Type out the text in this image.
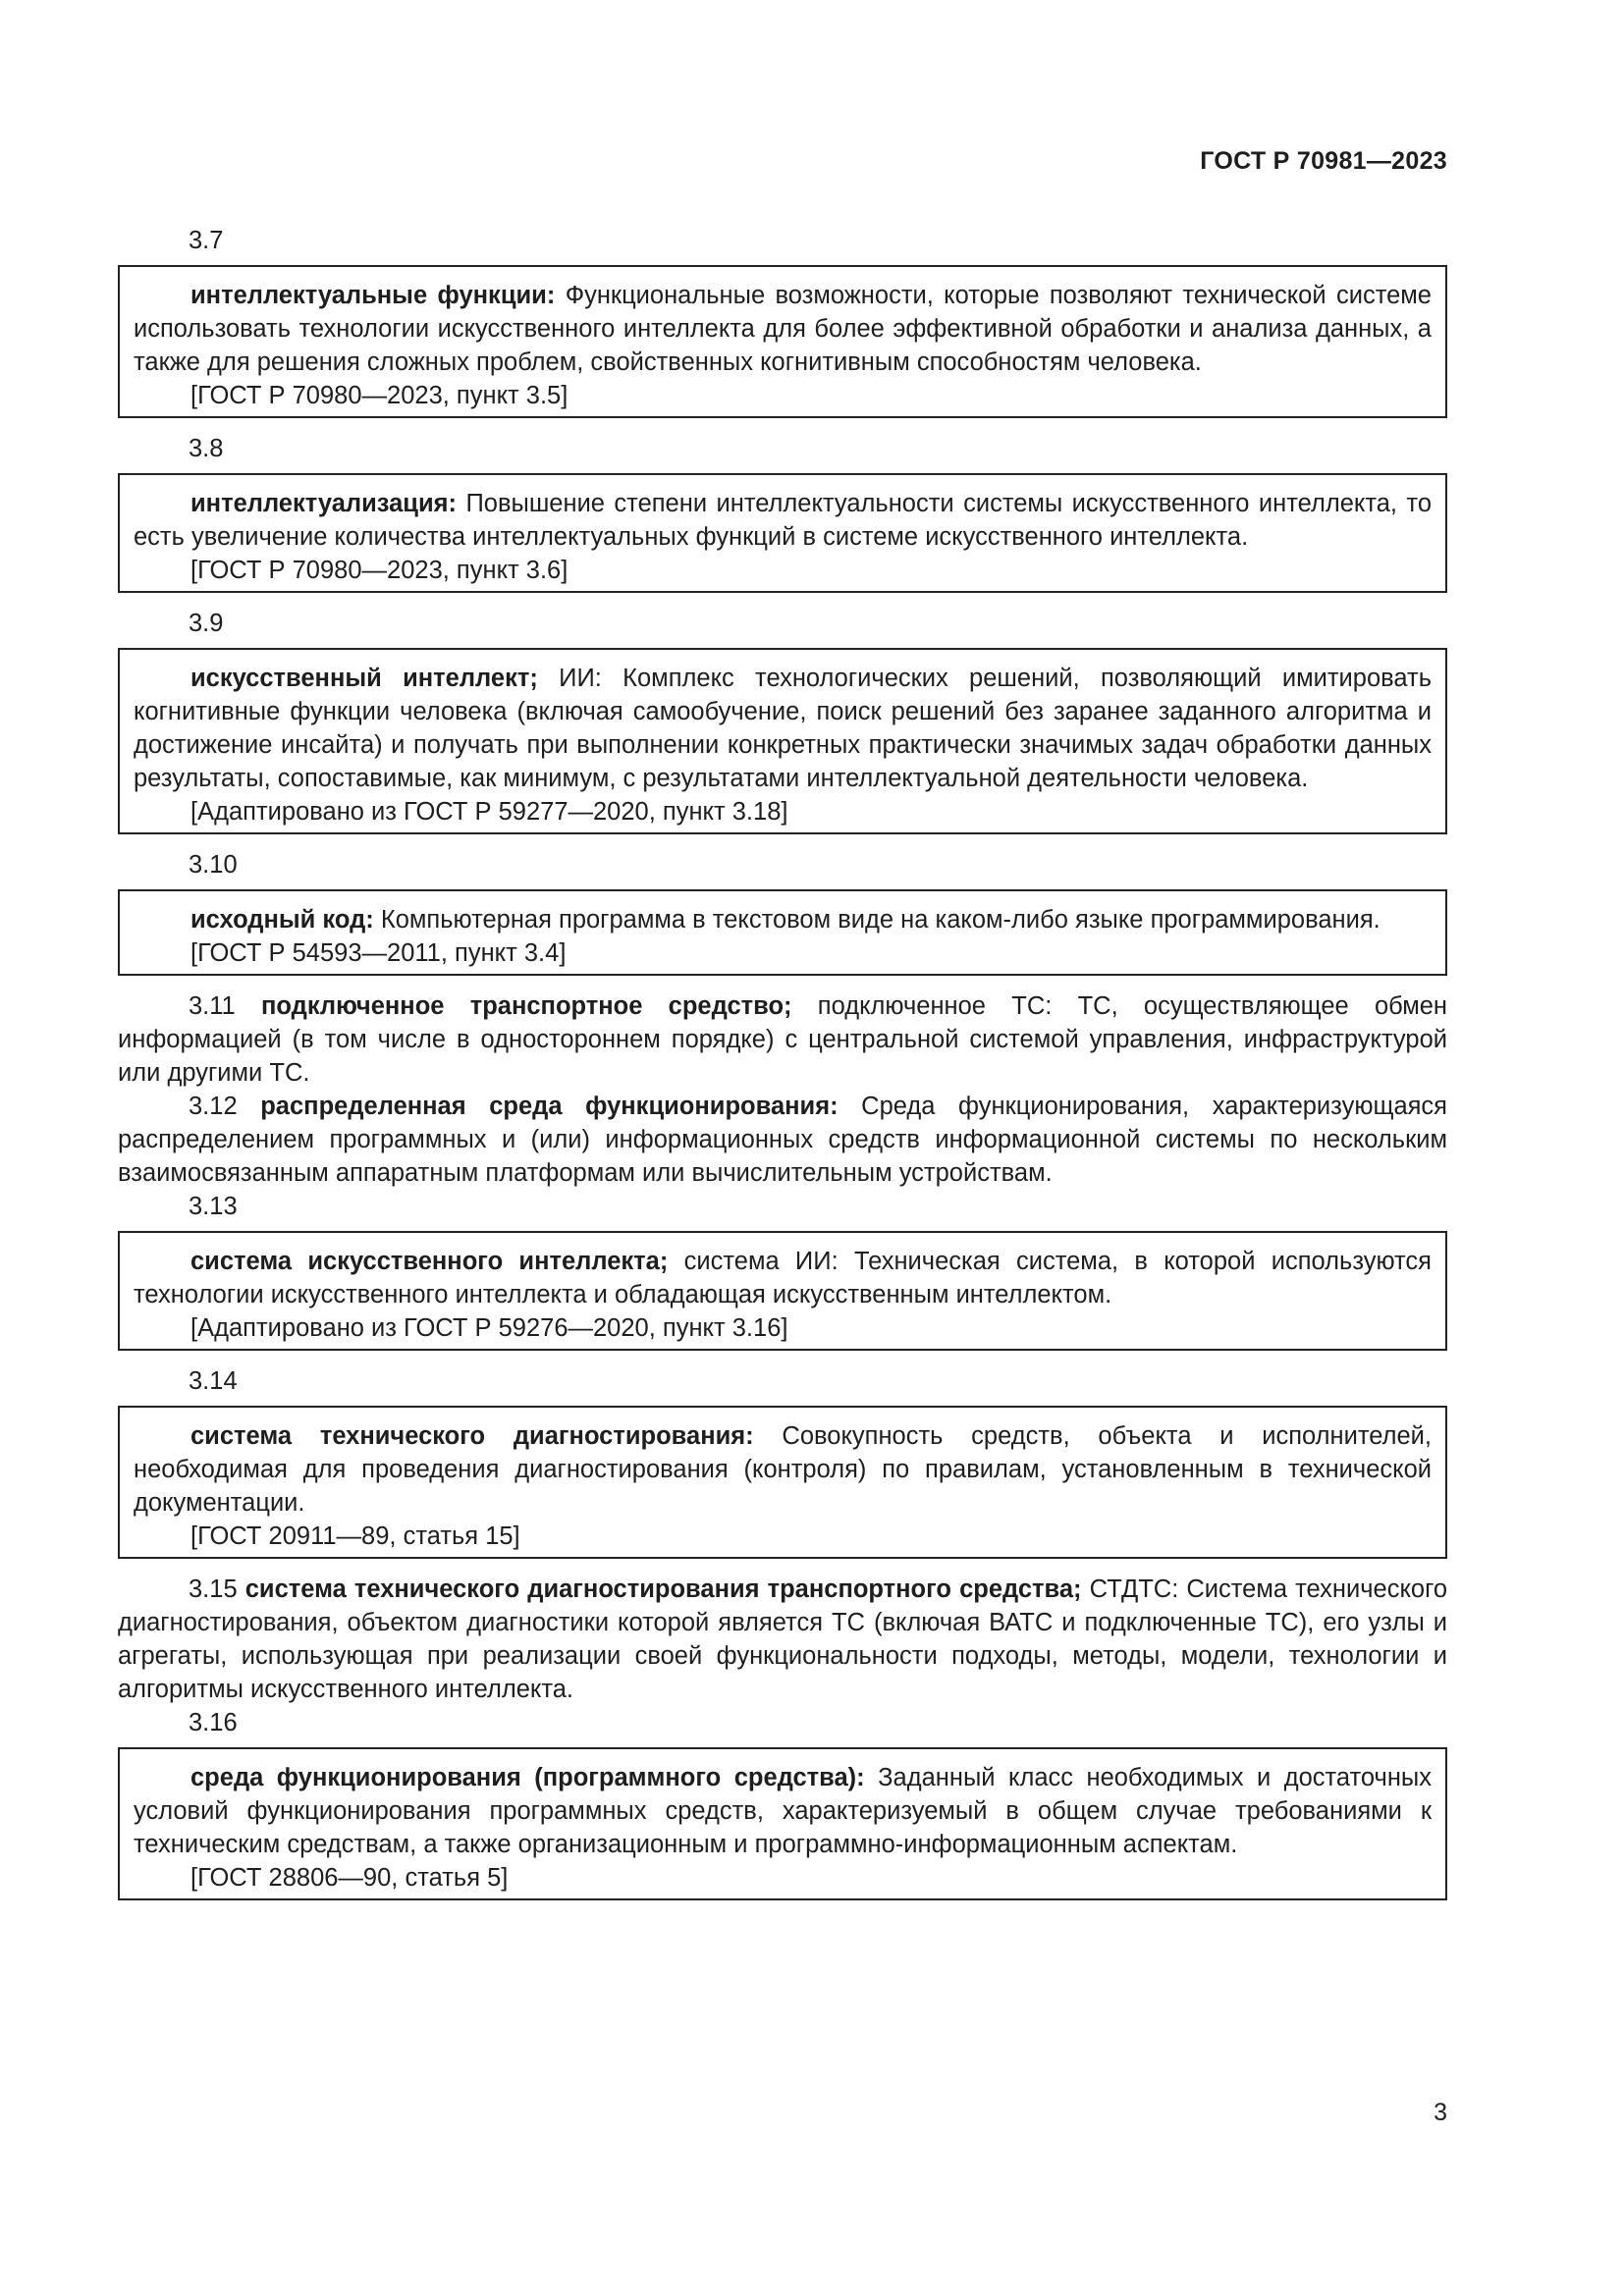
ГОСТ Р 70981—2023

3.7

интеллектуальные функции: Функциональные возможности, которые позволяют технической системе использовать технологии искусственного интеллекта для более эффективной обработки и анализа данных, а также для решения сложных проблем, свойственных когнитивным способностям человека.

[ГОСТ Р 70980—2023, пункт 3.5]

3.8

интеллектуализация: Повышение степени интеллектуальности системы искусственного интеллекта, то есть увеличение количества интеллектуальных функций в системе искусственного интеллекта.

[ГОСТ Р 70980—2023, пункт 3.6]

3.9

искусственный интеллект; ИИ: Комплекс технологических решений, позволяющий имитировать когнитивные функции человека (включая самообучение, поиск решений без заранее заданного алгоритма и достижение инсайта) и получать при выполнении конкретных практически значимых задач обработки данных результаты, сопоставимые, как минимум, с результатами интеллектуальной деятельности человека.

[Адаптировано из ГОСТ Р 59277—2020, пункт 3.18]

3.10

исходный код: Компьютерная программа в текстовом виде на каком-либо языке программирования.

[ГОСТ Р 54593—2011, пункт 3.4]

3.11 подключенное транспортное средство; подключенное ТС: ТС, осуществляющее обмен информацией (в том числе в одностороннем порядке) с центральной системой управления, инфраструктурой или другими ТС.

3.12 распределенная среда функционирования: Среда функционирования, характеризующаяся распределением программных и (или) информационных средств информационной системы по нескольким взаимосвязанным аппаратным платформам или вычислительным устройствам.

3.13

система искусственного интеллекта; система ИИ: Техническая система, в которой используются технологии искусственного интеллекта и обладающая искусственным интеллектом.

[Адаптировано из ГОСТ Р 59276—2020, пункт 3.16]

3.14

система технического диагностирования: Совокупность средств, объекта и исполнителей, необходимая для проведения диагностирования (контроля) по правилам, установленным в технической документации.

[ГОСТ 20911—89, статья 15]

3.15 система технического диагностирования транспортного средства; СТДТС: Система технического диагностирования, объектом диагностики которой является ТС (включая ВАТС и подключенные ТС), его узлы и агрегаты, использующая при реализации своей функциональности подходы, методы, модели, технологии и алгоритмы искусственного интеллекта.

3.16

среда функционирования (программного средства): Заданный класс необходимых и достаточных условий функционирования программных средств, характеризуемый в общем случае требованиями к техническим средствам, а также организационным и программно-информационным аспектам.

[ГОСТ 28806—90, статья 5]

3
